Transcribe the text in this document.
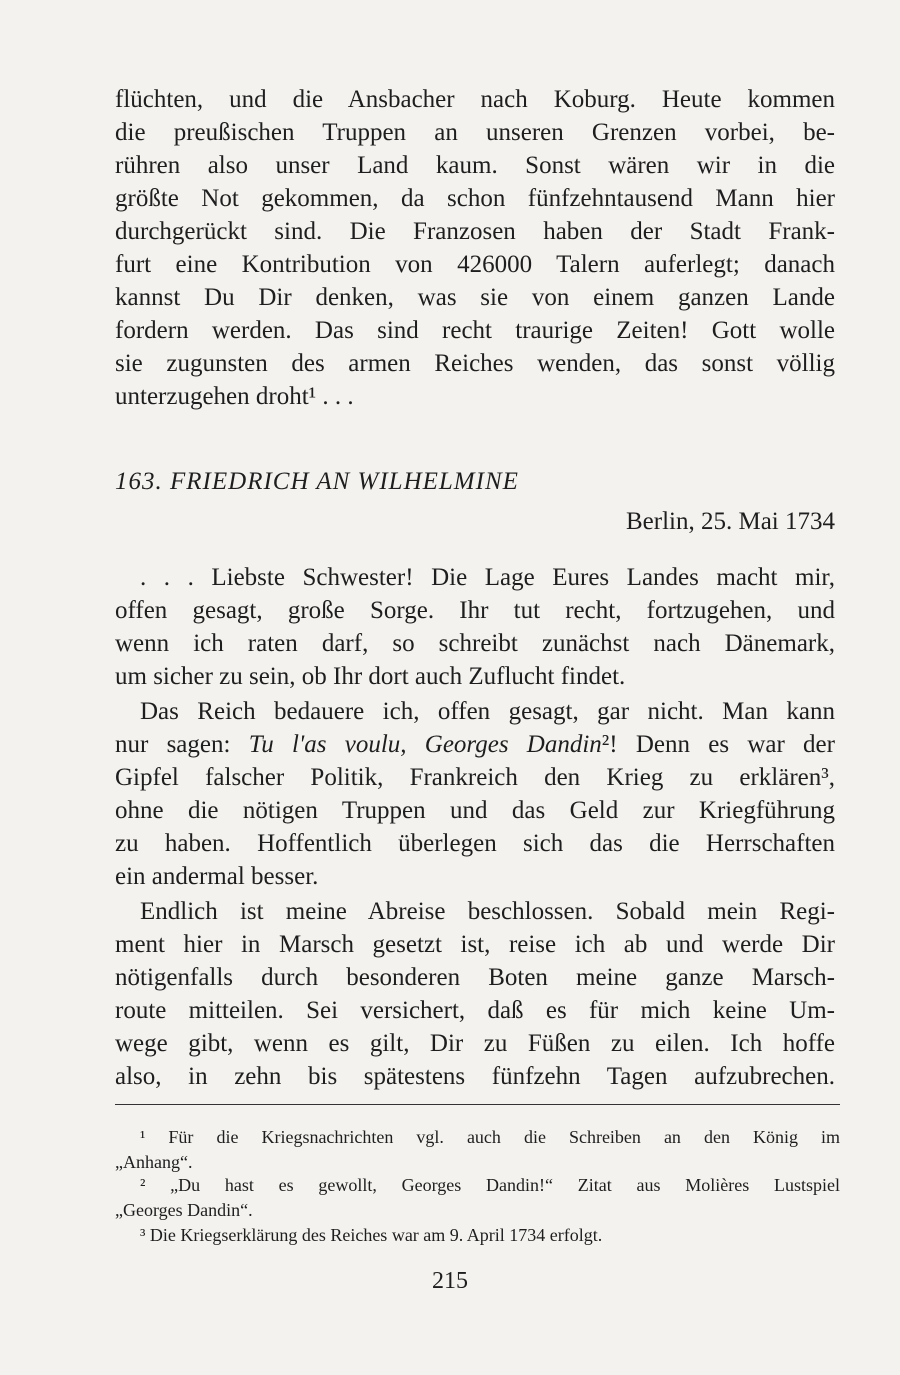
flüchten, und die Ansbacher nach Koburg. Heute kommen
die preußischen Truppen an unseren Grenzen vorbei, be-
rühren also unser Land kaum. Sonst wären wir in die
größte Not gekommen, da schon fünfzehntausend Mann hier
durchgerückt sind. Die Franzosen haben der Stadt Frank-
furt eine Kontribution von 426000 Talern auferlegt; danach
kannst Du Dir denken, was sie von einem ganzen Lande
fordern werden. Das sind recht traurige Zeiten! Gott wolle
sie zugunsten des armen Reiches wenden, das sonst völlig
unterzugehen droht¹ . . .
163. FRIEDRICH AN WILHELMINE
Berlin, 25. Mai 1734
. . . Liebste Schwester! Die Lage Eures Landes macht mir,
offen gesagt, große Sorge. Ihr tut recht, fortzugehen, und
wenn ich raten darf, so schreibt zunächst nach Dänemark,
um sicher zu sein, ob Ihr dort auch Zuflucht findet.
Das Reich bedauere ich, offen gesagt, gar nicht. Man kann
nur sagen: Tu l'as voulu, Georges Dandin²! Denn es war der
Gipfel falscher Politik, Frankreich den Krieg zu erklären³,
ohne die nötigen Truppen und das Geld zur Kriegführung
zu haben. Hoffentlich überlegen sich das die Herrschaften
ein andermal besser.
Endlich ist meine Abreise beschlossen. Sobald mein Regi-
ment hier in Marsch gesetzt ist, reise ich ab und werde Dir
nötigenfalls durch besonderen Boten meine ganze Marsch-
route mitteilen. Sei versichert, daß es für mich keine Um-
wege gibt, wenn es gilt, Dir zu Füßen zu eilen. Ich hoffe
also, in zehn bis spätestens fünfzehn Tagen aufzubrechen.
¹ Für die Kriegsnachrichten vgl. auch die Schreiben an den König im
„Anhang“.
² „Du hast es gewollt, Georges Dandin!“ Zitat aus Molières Lustspiel
„Georges Dandin“.
³ Die Kriegserklärung des Reiches war am 9. April 1734 erfolgt.
215
